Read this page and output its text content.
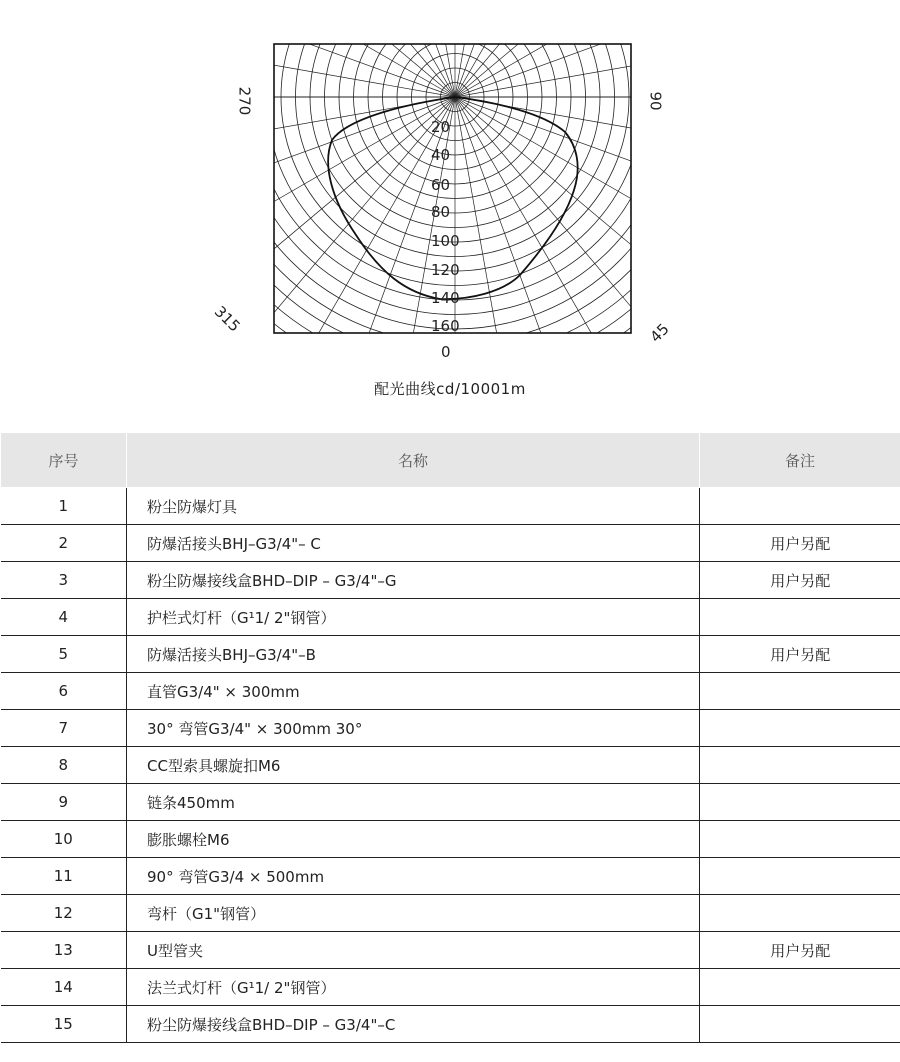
270	90
315	45
0
20
40
60
80
100
120
140
160
配光曲线cd/10001m
序号	名称	备注
1	粉尘防爆灯具	
2	防爆活接头BHJ–G3/4"– C	用户另配
3	粉尘防爆接线盒BHD–DIP – G3/4"–G	用户另配
4	护栏式灯杆（G¹1/ 2"钢管）	
5	防爆活接头BHJ–G3/4"–B	用户另配
6	直管G3/4" × 300mm	
7	30° 弯管G3/4" × 300mm 30°	
8	CC型索具螺旋扣M6	
9	链条450mm	
10	膨胀螺栓M6	
11	90° 弯管G3/4 × 500mm	
12	弯杆（G1"钢管）	
13	U型管夹	用户另配
14	法兰式灯杆（G¹1/ 2"钢管）	
15	粉尘防爆接线盒BHD–DIP – G3/4"–C	
